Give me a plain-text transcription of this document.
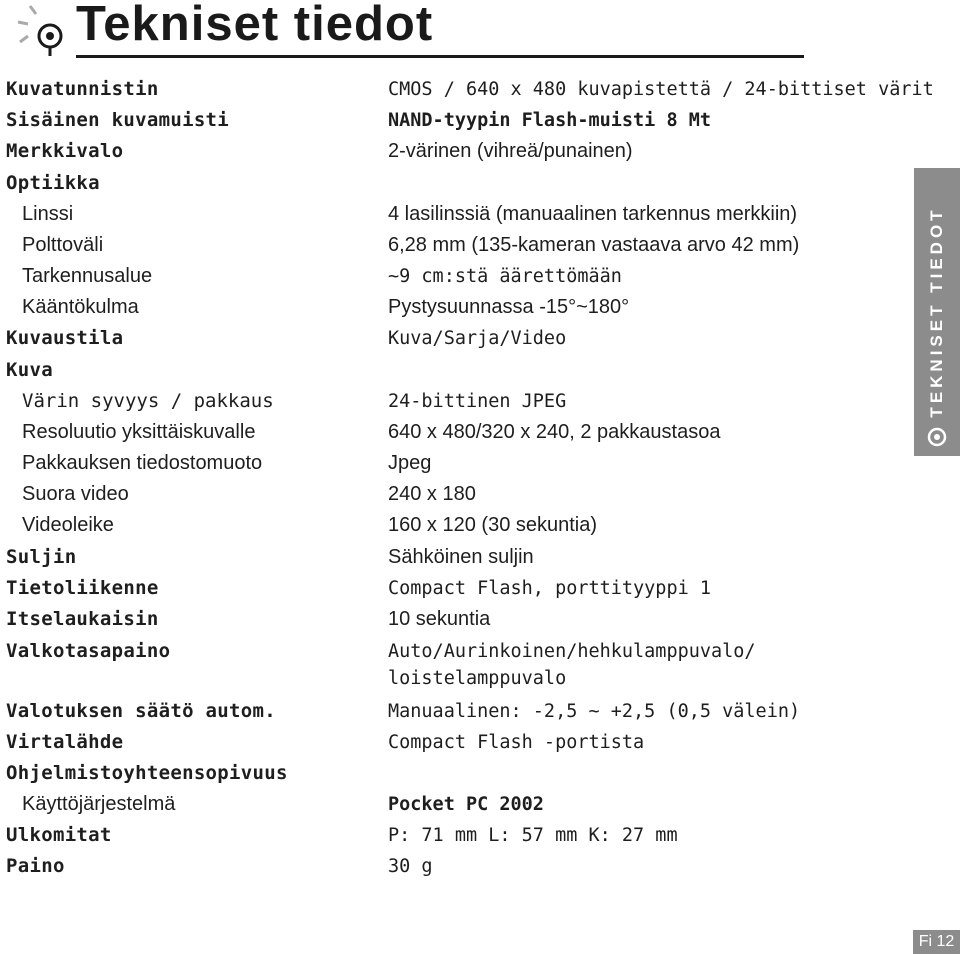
Tekniset tiedot
Kuvatunnistin	CMOS / 640 x 480 kuvapistettä / 24-bittiset värit
Sisäinen kuvamuisti	NAND-tyypin Flash-muisti 8 Mt
Merkkivalo	2-värinen (vihreä/punainen)
Optiikka
Linssi	4 lasilinssiä (manuaalinen tarkennus merkkiin)
Polttoväli	6,28 mm (135-kameran vastaava arvo 42 mm)
Tarkennusalue	~9 cm:stä äärettömään
Kääntökulma	Pystysuunnassa -15°~180°
Kuvaustila	Kuva/Sarja/Video
Kuva
Värin syvyys / pakkaus	24-bittinen JPEG
Resoluutio yksittäiskuvalle	640 x 480/320 x 240, 2 pakkaustasoa
Pakkauksen tiedostomuoto	Jpeg
Suora video	240 x 180
Videoleike	160 x 120 (30 sekuntia)
Suljin	Sähköinen suljin
Tietoliikenne	Compact Flash, porttityyppi 1
Itselaukaisin	10 sekuntia
Valkotasapaino	Auto/Aurinkoinen/hehkulamppuvalo/
loistelamppuvalo
Valotuksen säätö autom.	Manuaalinen: -2,5 ~ +2,5 (0,5 välein)
Virtalähde	Compact Flash -portista
Ohjelmistoyhteensopivuus
Käyttöjärjestelmä	Pocket PC 2002
Ulkomitat	P: 71 mm L: 57 mm K: 27 mm
Paino	30 g
TEKNISET TIEDOT
Fi 12
